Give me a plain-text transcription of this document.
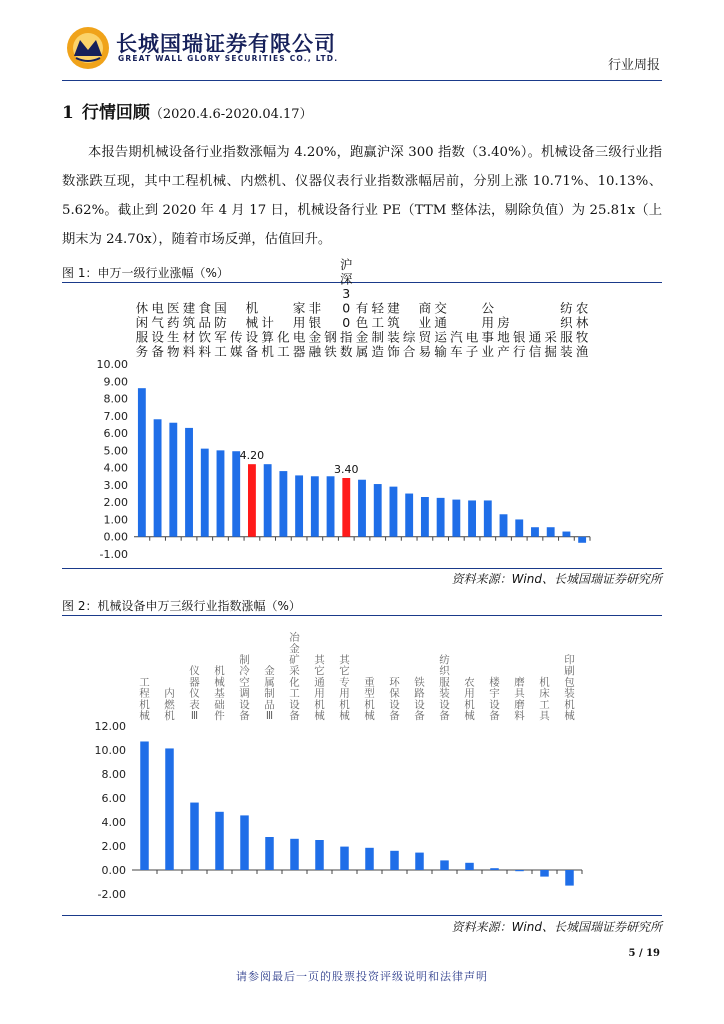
长城国瑞证券有限公司
GREAT WALL GLORY SECURITIES CO., LTD.	行业周报
1 行情回顾（2020.4.6-2020.04.17）
本报告期机械设备行业指数涨幅为 4.20%，跑赢沪深 300 指数（3.40%）。机械设备三级行业指数涨跌互现，其中工程机械、内燃机、仪器仪表行业指数涨幅居前，分别上涨 10.71%、10.13%、5.62%。截止到 2020 年 4 月 17 日，机械设备行业 PE（TTM 整体法，剔除负值）为 25.81x（上期末为 24.70x），随着市场反弹，估值回升。
图 1：申万一级行业涨幅（%）
-1.00
0.00
1.00
2.00
3.00
4.00
5.00
6.00
7.00
8.00
9.00
10.00
休
闲
服
务
电
气
设
备
医
药
生
物
建
筑
材
料
食
品
饮
料
国
防
军
工
传
媒
机
械
设
备
4.20
计
算
机
化
工
家
用
电
器
非
银
金
融
钢
铁
沪
深
3
0
0
指
数
3.40
有
色
金
属
轻
工
制
造
建
筑
装
饰
综
合
商
业
贸
易
交
通
运
输
汽
车
电
子
公
用
事
业
房
地
产
银
行
通
信
采
掘
纺
织
服
装
农
林
牧
渔
资料来源：Wind、长城国瑞证券研究所
图 2：机械设备申万三级行业指数涨幅（%）
-2.00
0.00
2.00
4.00
6.00
8.00
10.00
12.00
工
程
机
械
内
燃
机
仪
器
仪
表
Ⅲ
机
械
基
础
件
制
冷
空
调
设
备
金
属
制
品
Ⅲ
冶
金
矿
采
化
工
设
备
其
它
通
用
机
械
其
它
专
用
机
械
重
型
机
械
环
保
设
备
铁
路
设
备
纺
织
服
装
设
备
农
用
机
械
楼
宇
设
备
磨
具
磨
料
机
床
工
具
印
刷
包
装
机
械
资料来源：Wind、长城国瑞证券研究所
5 / 19
请参阅最后一页的股票投资评级说明和法律声明
